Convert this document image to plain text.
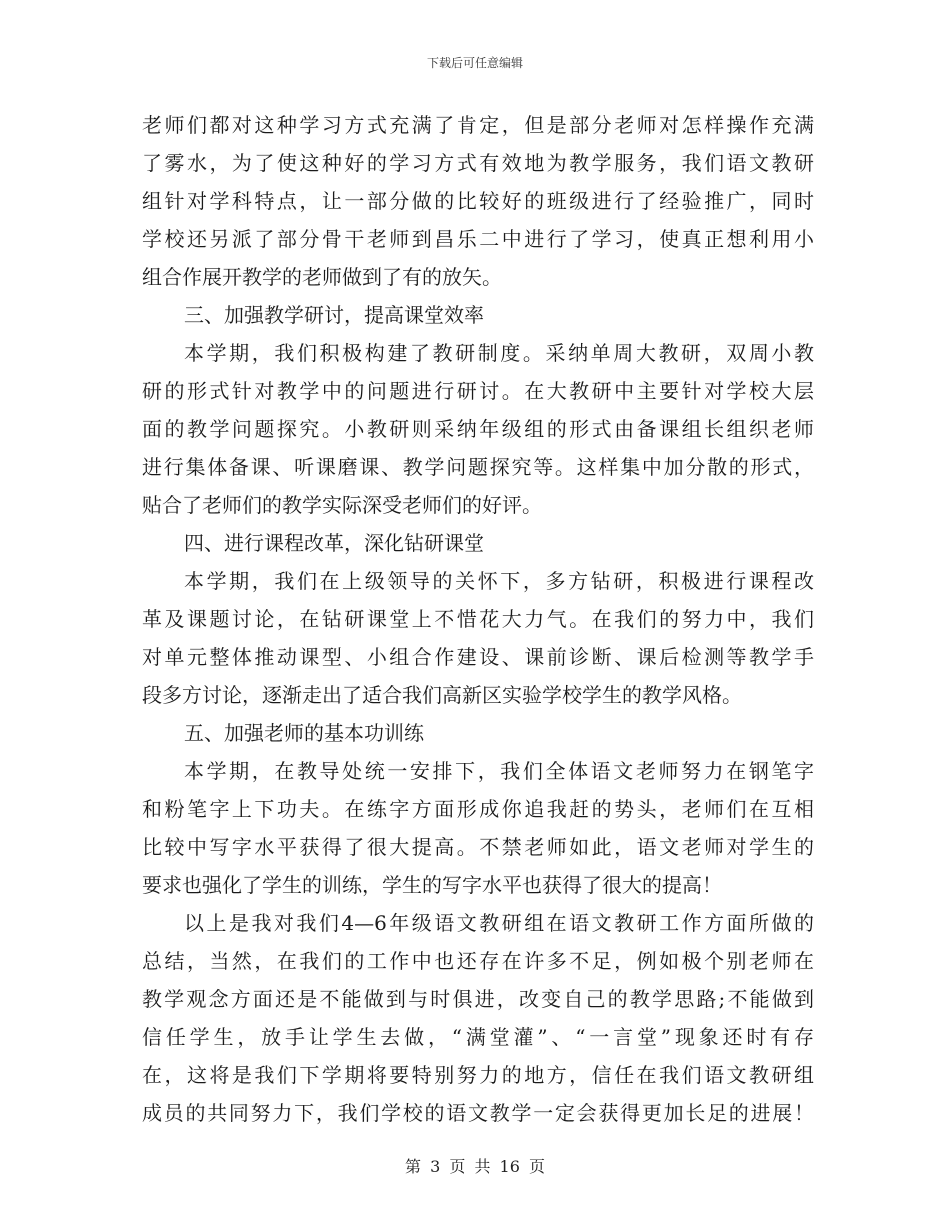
下载后可任意编辑
老师们都对这种学习方式充满了肯定，但是部分老师对怎样操作充满
了雾水，为了使这种好的学习方式有效地为教学服务，我们语文教研
组针对学科特点，让一部分做的比较好的班级进行了经验推广，同时
学校还另派了部分骨干老师到昌乐二中进行了学习，使真正想利用小
组合作展开教学的老师做到了有的放矢。
三、加强教学研讨，提高课堂效率
本学期，我们积极构建了教研制度。采纳单周大教研，双周小教
研的形式针对教学中的问题进行研讨。在大教研中主要针对学校大层
面的教学问题探究。小教研则采纳年级组的形式由备课组长组织老师
进行集体备课、听课磨课、教学问题探究等。这样集中加分散的形式，
贴合了老师们的教学实际深受老师们的好评。
四、进行课程改革，深化钻研课堂
本学期，我们在上级领导的关怀下，多方钻研，积极进行课程改
革及课题讨论，在钻研课堂上不惜花大力气。在我们的努力中，我们
对单元整体推动课型、小组合作建设、课前诊断、课后检测等教学手
段多方讨论，逐渐走出了适合我们高新区实验学校学生的教学风格。
五、加强老师的基本功训练
本学期，在教导处统一安排下，我们全体语文老师努力在钢笔字
和粉笔字上下功夫。在练字方面形成你追我赶的势头，老师们在互相
比较中写字水平获得了很大提高。不禁老师如此，语文老师对学生的
要求也强化了学生的训练，学生的写字水平也获得了很大的提高！
以上是我对我们4—6年级语文教研组在语文教研工作方面所做的
总结，当然，在我们的工作中也还存在许多不足，例如极个别老师在
教学观念方面还是不能做到与时俱进，改变自己的教学思路;不能做到
信任学生，放手让学生去做，“满堂灌”、“一言堂”现象还时有存
在，这将是我们下学期将要特别努力的地方，信任在我们语文教研组
成员的共同努力下，我们学校的语文教学一定会获得更加长足的进展！
第 3 页 共 16 页
